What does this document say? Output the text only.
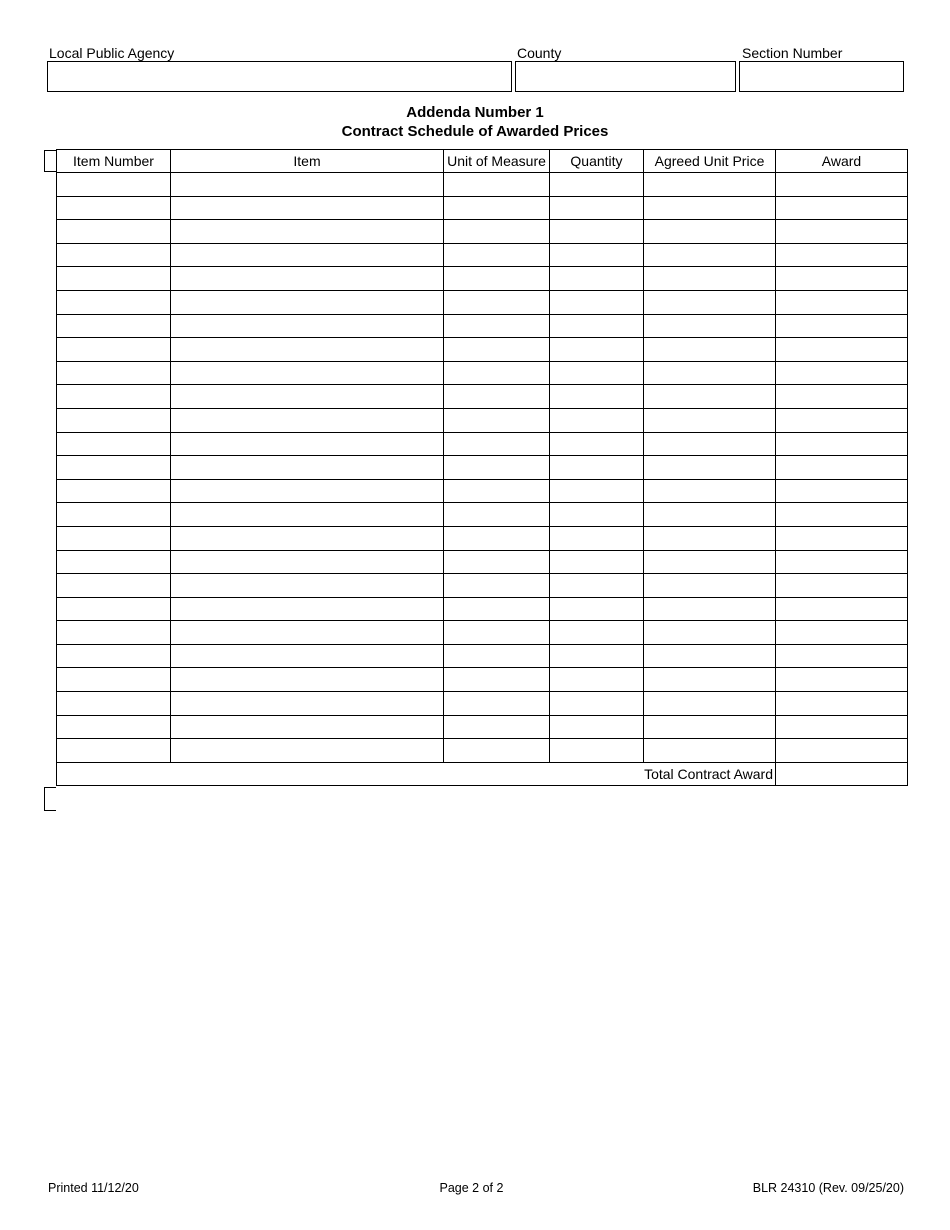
Local Public Agency	County	Section Number
Addenda Number 1
Contract Schedule of Awarded Prices
Item Number	Item	Unit of Measure	Quantity	Agreed Unit Price	Award

Total Contract Award					
Printed 11/12/20	Page 2 of 2	BLR 24310 (Rev. 09/25/20)
